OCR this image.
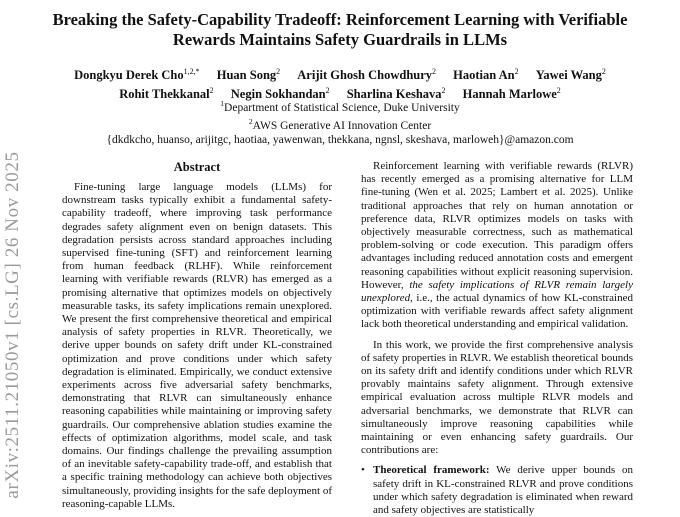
Breaking the Safety-Capability Tradeoff: Reinforcement Learning with Verifiable
Rewards Maintains Safety Guardrails in LLMs
Dongkyu Derek Cho$^{1,2,*}$ Huan Song$^2$ Arijit Ghosh Chowdhury$^2$ Haotian An$^2$ Yawei Wang$^2$
Rohit Thekkanal$^2$ Negin Sokhandan$^2$ Sharlina Keshava$^2$ Hannah Marlowe$^2$
$^1$Department of Statistical Science, Duke University
$^2$AWS Generative AI Innovation Center
{dkdkcho, huanso, arijitgc, haotiaa, yawenwan, thekkana, ngnsl, skeshava, marloweh}@amazon.com
arXiv:2511.21050v1 [cs.LG] 26 Nov 2025	Abstract

Fine-tuning large language models (LLMs) for downstream tasks typically exhibit a fundamental safety-capability tradeoff, where improving task performance degrades safety alignment even on benign datasets. This degradation persists across standard approaches including supervised fine-tuning (SFT) and reinforcement learning from human feedback (RLHF). While reinforcement learning with verifiable rewards (RLVR) has emerged as a promising alternative that optimizes models on objectively measurable tasks, its safety implications remain unexplored. We present the first comprehensive theoretical and empirical analysis of safety properties in RLVR. Theoretically, we derive upper bounds on safety drift under KL-constrained optimization and prove conditions under which safety degradation is eliminated. Empirically, we conduct extensive experiments across five adversarial safety benchmarks, demonstrating that RLVR can simultaneously enhance reasoning capabilities while maintaining or improving safety guardrails. Our comprehensive ablation studies examine the effects of optimization algorithms, model scale, and task domains. Our findings challenge the prevailing assumption of an inevitable safety-capability trade-off, and establish that a specific training methodology can achieve both objectives simultaneously, providing insights for the safe deployment of reasoning-capable LLMs.

Reinforcement learning with verifiable rewards (RLVR) has recently emerged as a promising alternative for LLM fine-tuning (Wen et al. 2025; Lambert et al. 2025). Unlike traditional approaches that rely on human annotation or preference data, RLVR optimizes models on tasks with objectively measurable correctness, such as mathematical problem-solving or code execution. This paradigm offers advantages including reduced annotation costs and emergent reasoning capabilities without explicit reasoning supervision. However, the safety implications of RLVR remain largely unexplored, i.e., the actual dynamics of how KL-constrained optimization with verifiable rewards affect safety alignment lack both theoretical understanding and empirical validation.

In this work, we provide the first comprehensive analysis of safety properties in RLVR. We establish theoretical bounds on its safety drift and identify conditions under which RLVR provably maintains safety alignment. Through extensive empirical evaluation across multiple RLVR models and adversarial benchmarks, we demonstrate that RLVR can simultaneously improve reasoning capabilities while maintaining or even enhancing safety guardrails. Our contributions are:

• Theoretical framework: We derive upper bounds on safety drift in KL-constrained RLVR and prove conditions under which safety degradation is eliminated when reward and safety objectives are statistically
